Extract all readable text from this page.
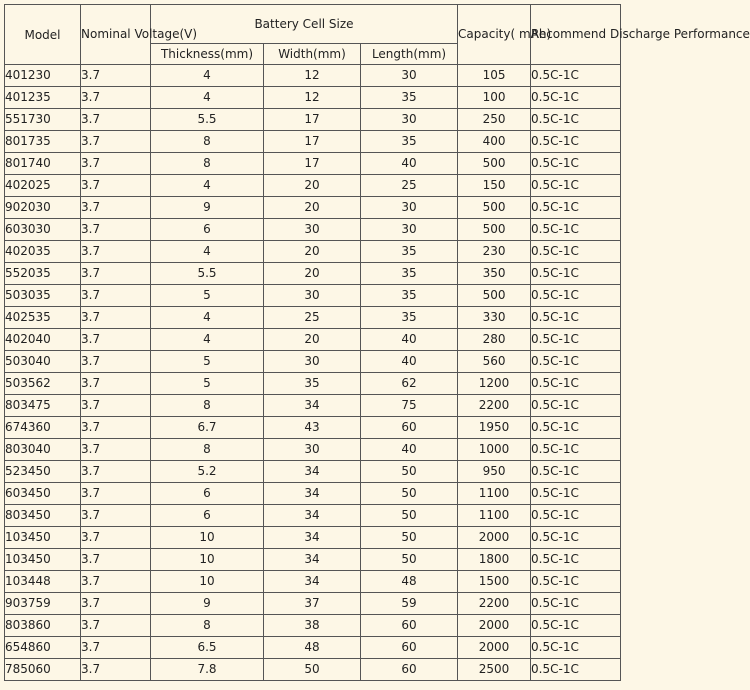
Model	Nominal Voltage(V)	Battery Cell Size			Capacity( mAh)	Recommend Discharge Performance
		Thickness(mm)	Width(mm)	Length(mm)		
401230	3.7	4	12	30	105	0.5C-1C
401235	3.7	4	12	35	100	0.5C-1C
551730	3.7	5.5	17	30	250	0.5C-1C
801735	3.7	8	17	35	400	0.5C-1C
801740	3.7	8	17	40	500	0.5C-1C
402025	3.7	4	20	25	150	0.5C-1C
902030	3.7	9	20	30	500	0.5C-1C
603030	3.7	6	30	30	500	0.5C-1C
402035	3.7	4	20	35	230	0.5C-1C
552035	3.7	5.5	20	35	350	0.5C-1C
503035	3.7	5	30	35	500	0.5C-1C
402535	3.7	4	25	35	330	0.5C-1C
402040	3.7	4	20	40	280	0.5C-1C
503040	3.7	5	30	40	560	0.5C-1C
503562	3.7	5	35	62	1200	0.5C-1C
803475	3.7	8	34	75	2200	0.5C-1C
674360	3.7	6.7	43	60	1950	0.5C-1C
803040	3.7	8	30	40	1000	0.5C-1C
523450	3.7	5.2	34	50	950	0.5C-1C
603450	3.7	6	34	50	1100	0.5C-1C
803450	3.7	6	34	50	1100	0.5C-1C
103450	3.7	10	34	50	2000	0.5C-1C
103450	3.7	10	34	50	1800	0.5C-1C
103448	3.7	10	34	48	1500	0.5C-1C
903759	3.7	9	37	59	2200	0.5C-1C
803860	3.7	8	38	60	2000	0.5C-1C
654860	3.7	6.5	48	60	2000	0.5C-1C
785060	3.7	7.8	50	60	2500	0.5C-1C
